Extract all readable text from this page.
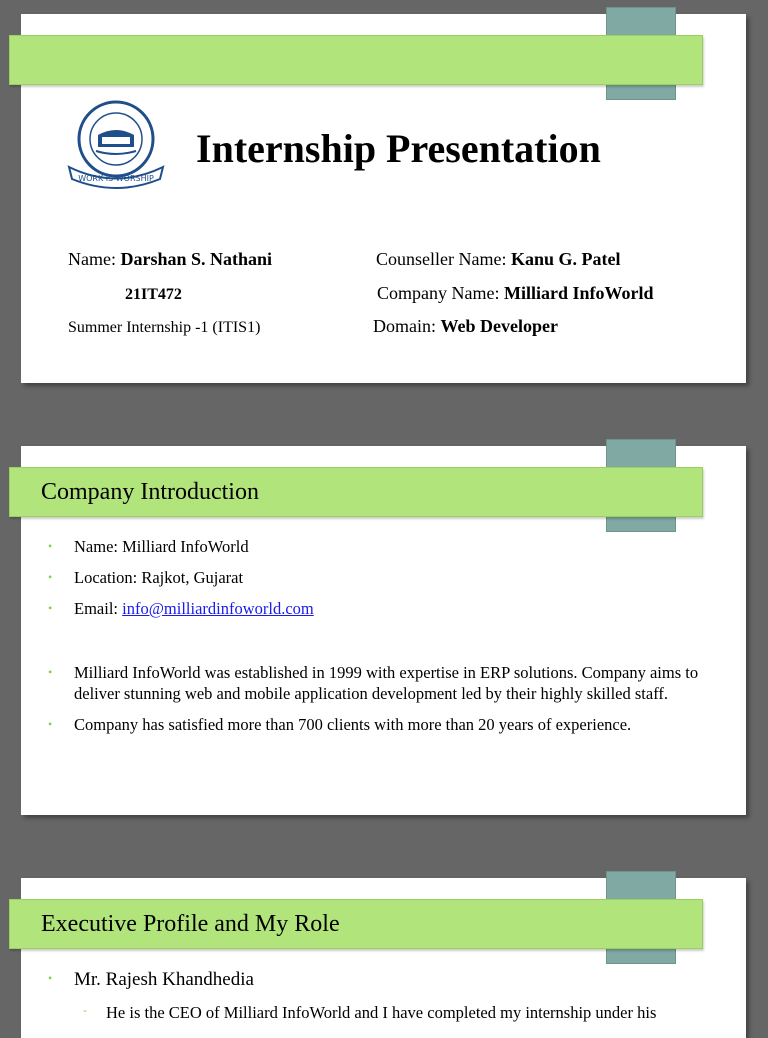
WORK IS WORSHIP
Internship Presentation
Name: Darshan S. Nathani
21IT472
Summer Internship -1 (ITIS1)
Counseller Name: Kanu G. Patel
Company Name: Milliard InfoWorld
Domain: Web Developer
Company Introduction
• Name: Milliard InfoWorld
• Location: Rajkot, Gujarat
• Email: info@milliardinfoworld.com
• Milliard InfoWorld was established in 1999 with expertise in ERP solutions. Company aims to deliver stunning web and mobile application development led by their highly skilled staff.
• Company has satisfied more than 700 clients with more than 20 years of experience.
Executive Profile and My Role
• Mr. Rajesh Khandhedia
- He is the CEO of Milliard InfoWorld and I have completed my internship under his
